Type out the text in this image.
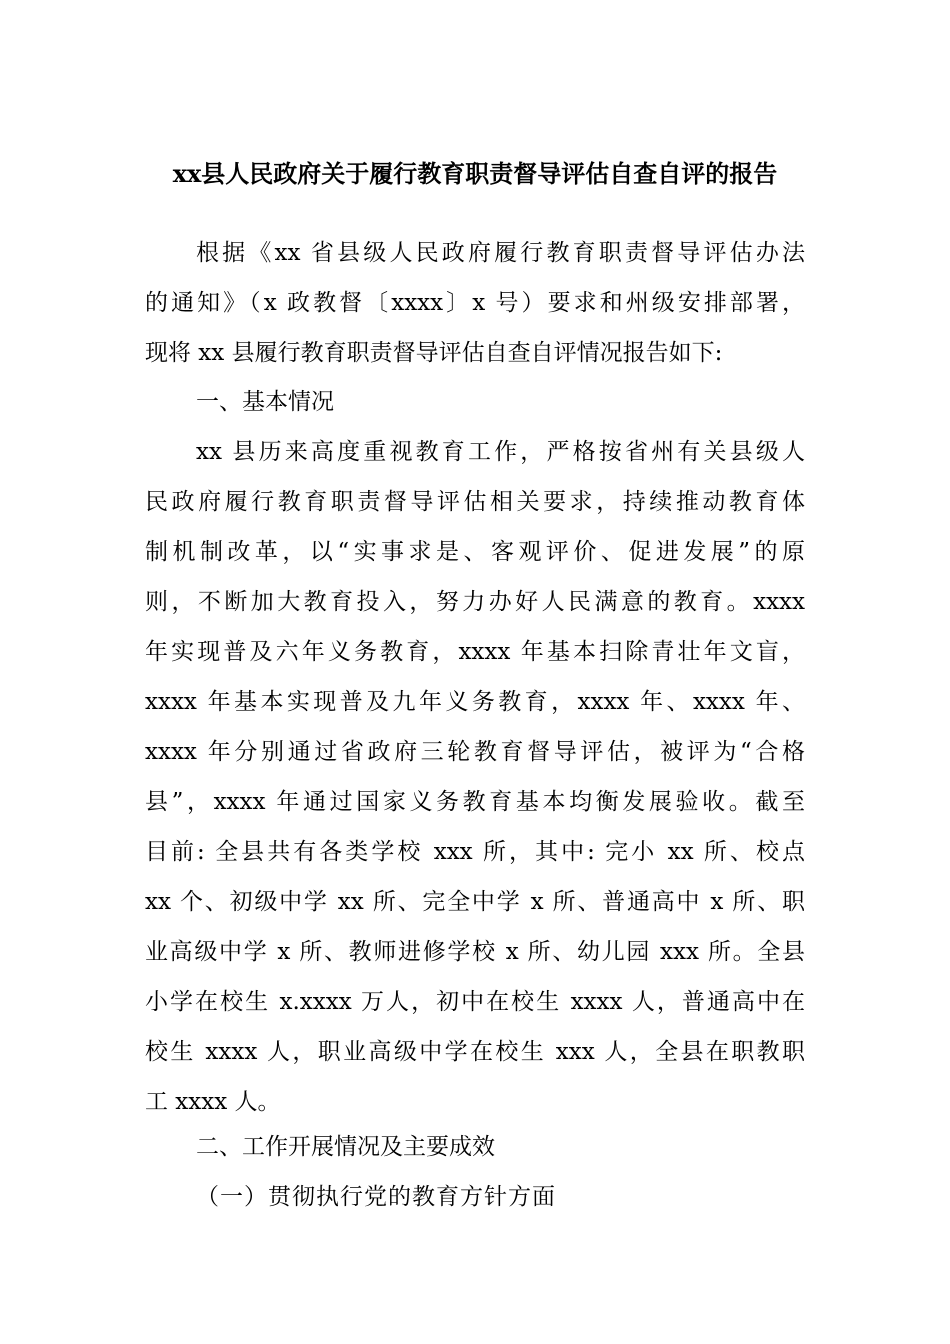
xx县人民政府关于履行教育职责督导评估自查自评的报告
根据《xx 省县级人民政府履行教育职责督导评估办法
的通知》（x 政教督〔xxxx〕x 号）要求和州级安排部署，
现将 xx 县履行教育职责督导评估自查自评情况报告如下:
一、基本情况
xx 县历来高度重视教育工作，严格按省州有关县级人
民政府履行教育职责督导评估相关要求，持续推动教育体
制机制改革，以“实事求是、客观评价、促进发展”的原
则，不断加大教育投入，努力办好人民满意的教育。xxxx
年实现普及六年义务教育，xxxx 年基本扫除青壮年文盲，
xxxx 年基本实现普及九年义务教育，xxxx 年、xxxx 年、
xxxx 年分别通过省政府三轮教育督导评估，被评为“合格
县”，xxxx 年通过国家义务教育基本均衡发展验收。截至
目前: 全县共有各类学校 xxx 所，其中: 完小 xx 所、校点
xx 个、初级中学 xx 所、完全中学 x 所、普通高中 x 所、职
业高级中学 x 所、教师进修学校 x 所、幼儿园 xxx 所。全县
小学在校生 x.xxxx 万人，初中在校生 xxxx 人，普通高中在
校生 xxxx 人，职业高级中学在校生 xxx 人，全县在职教职
工 xxxx 人。
二、工作开展情况及主要成效
（一）贯彻执行党的教育方针方面
